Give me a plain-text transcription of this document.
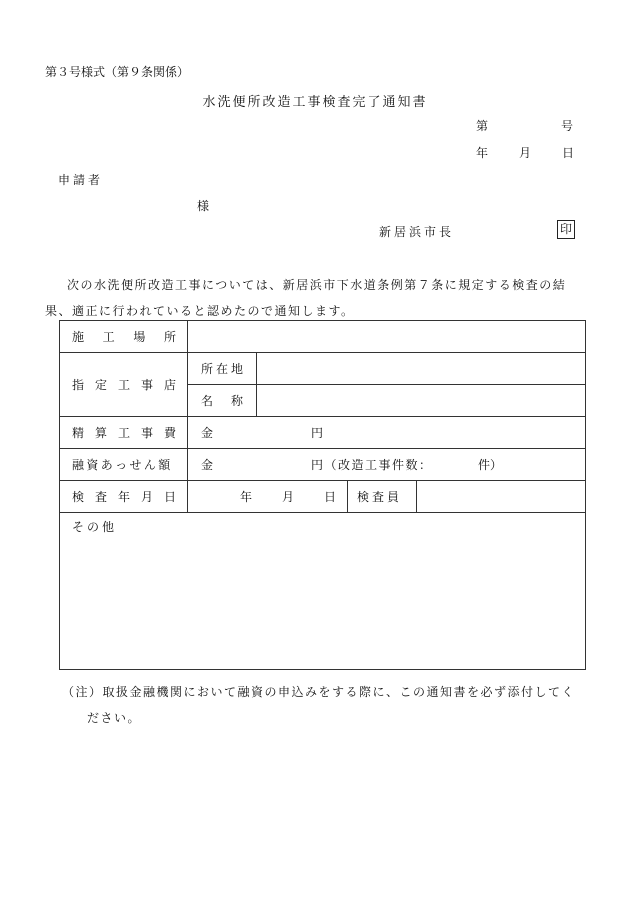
第３号様式（第９条関係）
水洗便所改造工事検査完了通知書
第	号
年	月	日
申請者
様
新居浜市長	印
次の水洗便所改造工事については、新居浜市下水道条例第７条に規定する検査の結
果、適正に行われていると認めたので通知します。
施 工 場 所
指 定 工 事 店
所在地
名 称
精 算 工 事 費 金	円
融資あっせん額 金	円（改造工事件数：	件）
検 査 年 月 日	年 月 日 検査員
その他
（注）取扱金融機関において融資の申込みをする際に、この通知書を必ず添付してく
ださい。
